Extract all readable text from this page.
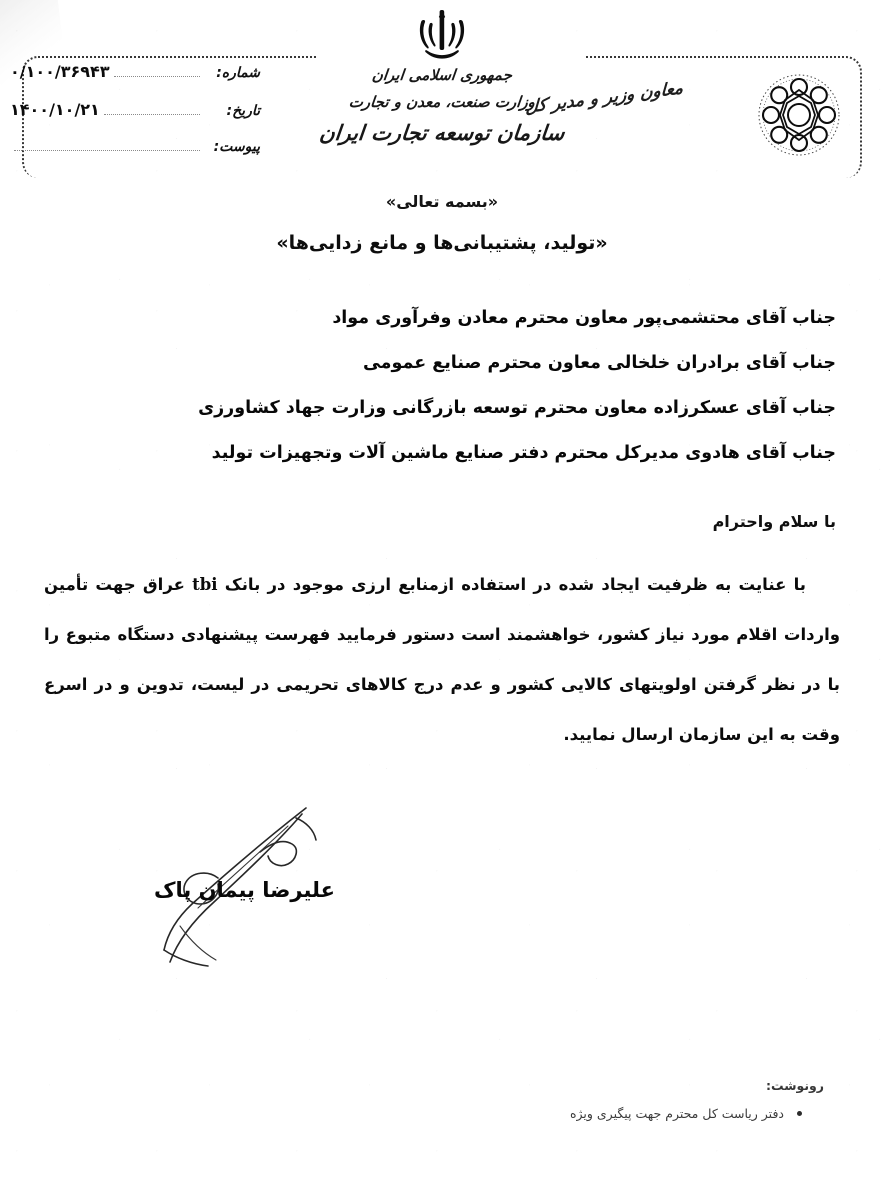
جمهوری اسلامی ایران
وزارت صنعت، معدن و تجارت
سازمان توسعه تجارت ایران
معاون وزیر و مدیر کل
شماره:
۰/۱۰۰/۳۶۹۴۳
تاریخ:
۱۴۰۰/۱۰/۲۱
پیوست:
«بسمه تعالی»
«تولید، پشتیبانی‌ها و مانع زدایی‌ها»
جناب آقای محتشمی‌پور معاون محترم معادن وفرآوری مواد
جناب آقای برادران خلخالی معاون محترم صنایع عمومی
جناب آقای عسکرزاده معاون محترم توسعه بازرگانی وزارت جهاد کشاورزی
جناب آقای هادوی مدیرکل محترم دفتر صنایع ماشین آلات وتجهیزات تولید
با سلام واحترام

با عنایت به ظرفیت ایجاد شده در استفاده ازمنابع ارزی موجود در بانک tbi عراق جهت تأمین واردات اقلام مورد نیاز کشور، خواهشمند است دستور فرمایید فهرست پیشنهادی دستگاه متبوع را با در نظر گرفتن اولویتهای کالایی کشور و عدم درج کالاهای تحریمی در لیست، تدوین و در اسرع وقت به این سازمان ارسال نمایید.

علیرضا پیمان پاک
رونوشت:
دفتر ریاست کل محترم جهت پیگیری ویژه
